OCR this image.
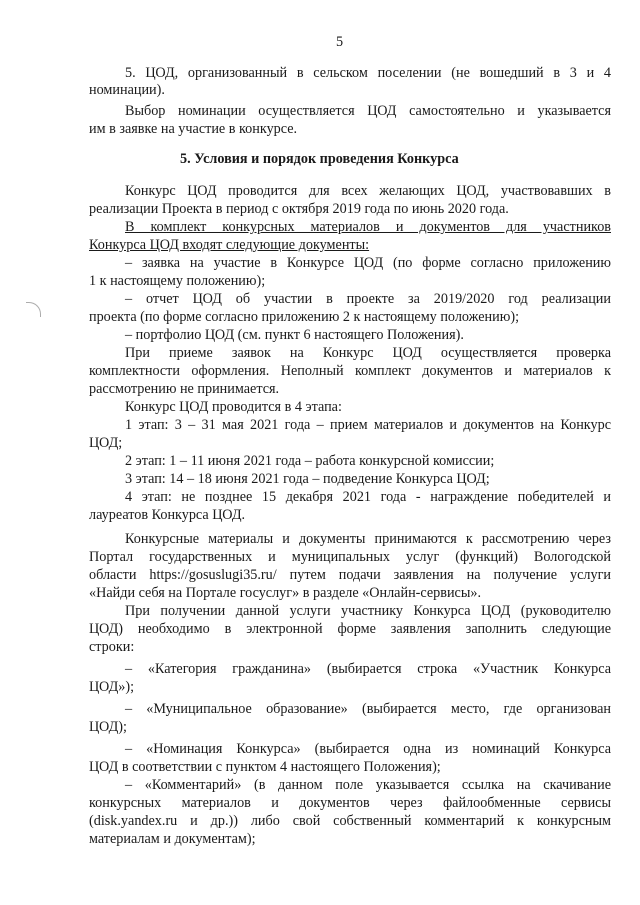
5
5. ЦОД, организованный в сельском поселении (не вошедший в 3 и 4
номинации).
Выбор номинации осуществляется ЦОД самостоятельно и указывается
им в заявке на участие в конкурсе.
5. Условия и порядок проведения Конкурса
Конкурс ЦОД проводится для всех желающих ЦОД, участвовавших в
реализации Проекта в период с октября 2019 года по июнь 2020 года.
В комплект конкурсных материалов и документов для участников
Конкурса ЦОД входят следующие документы:
– заявка на участие в Конкурсе ЦОД (по форме согласно приложению
1 к настоящему положению);
– отчет ЦОД об участии в проекте за 2019/2020 год реализации
проекта (по форме согласно приложению 2 к настоящему положению);
– портфолио ЦОД (см. пункт 6 настоящего Положения).
При приеме заявок на Конкурс ЦОД осуществляется проверка
комплектности оформления. Неполный комплект документов и материалов к
рассмотрению не принимается.
Конкурс ЦОД проводится в 4 этапа:
1 этап: 3 – 31 мая 2021 года – прием материалов и документов на Конкурс
ЦОД;
2 этап: 1 – 11 июня 2021 года – работа конкурсной комиссии;
3 этап: 14 – 18 июня 2021 года – подведение Конкурса ЦОД;
4 этап: не позднее 15 декабря 2021 года - награждение победителей и
лауреатов Конкурса ЦОД.
Конкурсные материалы и документы принимаются к рассмотрению через
Портал государственных и муниципальных услуг (функций) Вологодской
области https://gosuslugi35.ru/ путем подачи заявления на получение услуги
«Найди себя на Портале госуслуг» в разделе «Онлайн-сервисы».
При получении данной услуги участнику Конкурса ЦОД (руководителю
ЦОД) необходимо в электронной форме заявления заполнить следующие
строки:
– «Категория гражданина» (выбирается строка «Участник Конкурса
ЦОД»);
– «Муниципальное образование» (выбирается место, где организован
ЦОД);
– «Номинация Конкурса» (выбирается одна из номинаций Конкурса
ЦОД в соответствии с пунктом 4 настоящего Положения);
– «Комментарий» (в данном поле указывается ссылка на скачивание
конкурсных материалов и документов через файлообменные сервисы
(disk.yandex.ru и др.)) либо свой собственный комментарий к конкурсным
материалам и документам);
